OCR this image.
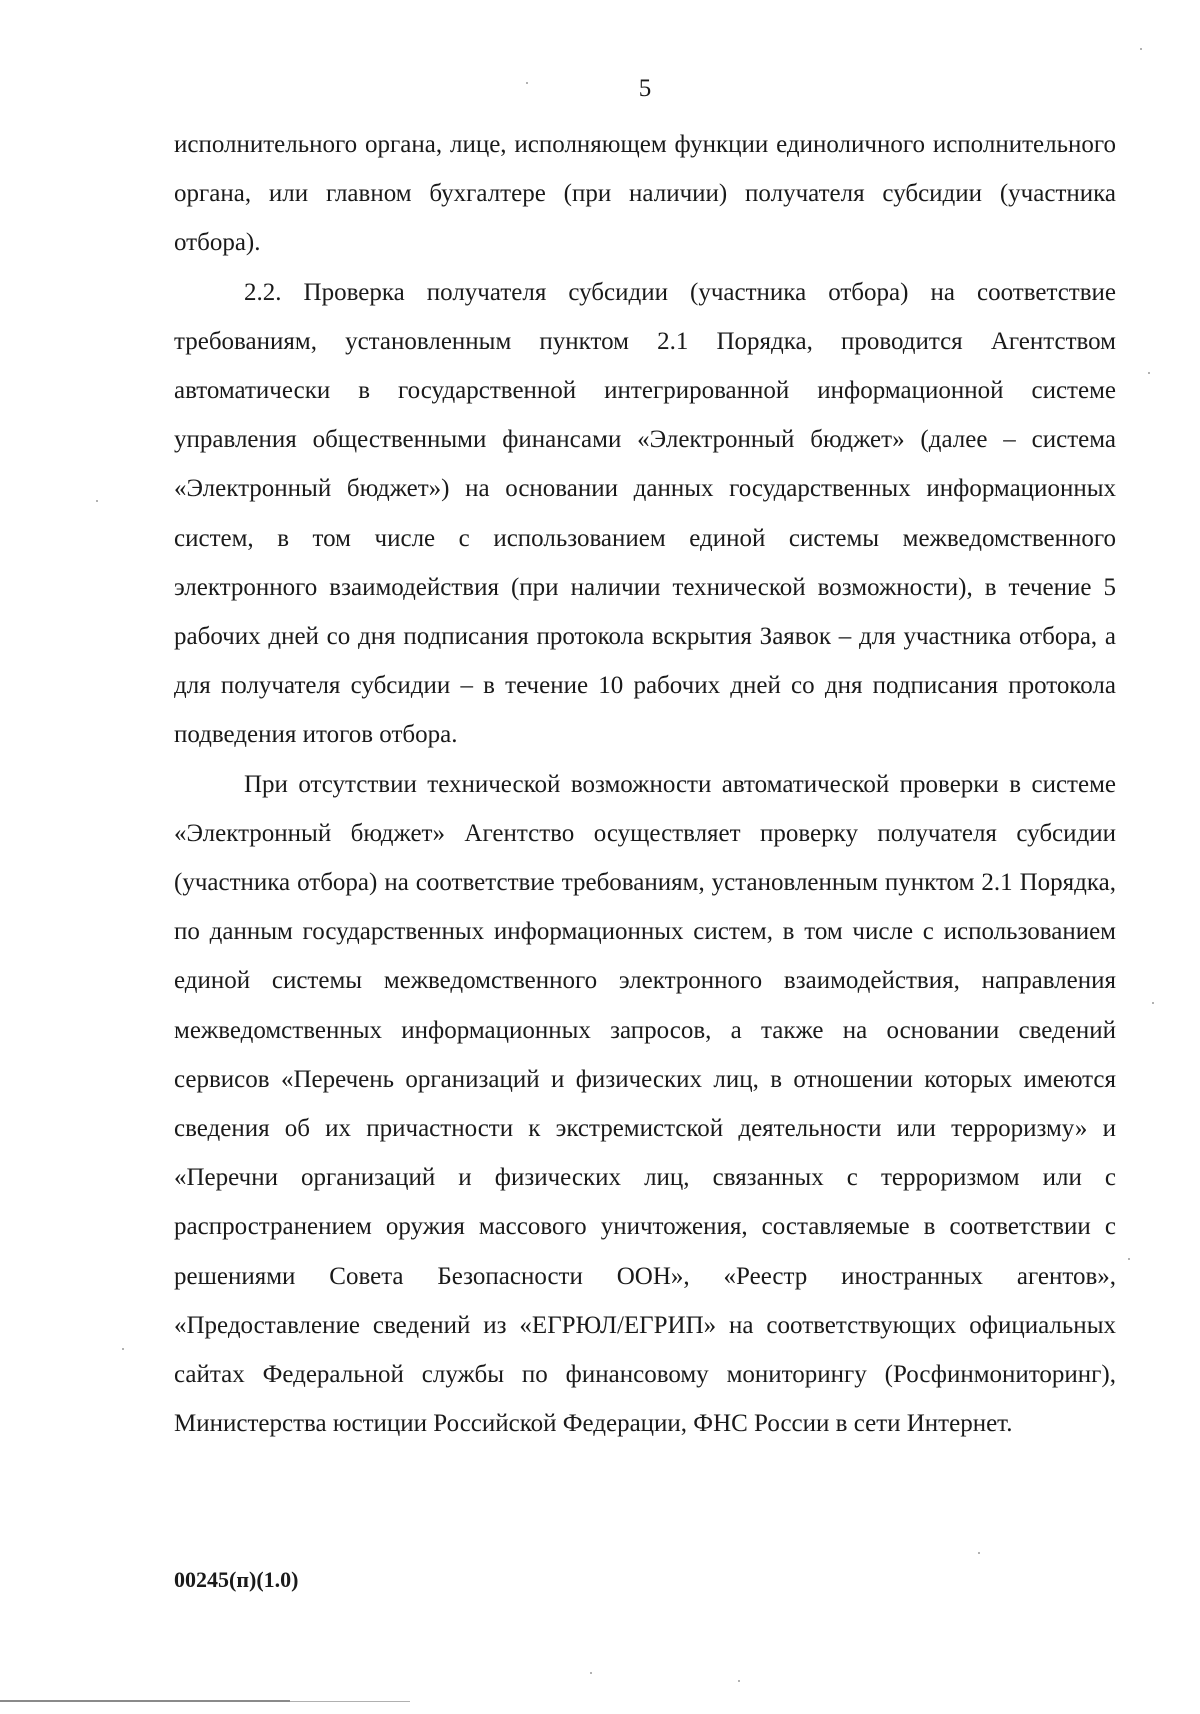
5

исполнительного органа, лице, исполняющем функции единоличного исполнительного органа, или главном бухгалтере (при наличии) получателя субсидии (участника отбора).

2.2. Проверка получателя субсидии (участника отбора) на соответствие требованиям, установленным пунктом 2.1 Порядка, проводится Агентством автоматически в государственной интегрированной информационной системе управления общественными финансами «Электронный бюджет» (далее – система «Электронный бюджет») на основании данных государственных информационных систем, в том числе с использованием единой системы межведомственного электронного взаимодействия (при наличии технической возможности), в течение 5 рабочих дней со дня подписания протокола вскрытия Заявок – для участника отбора, а для получателя субсидии – в течение 10 рабочих дней со дня подписания протокола подведения итогов отбора.

При отсутствии технической возможности автоматической проверки в системе «Электронный бюджет» Агентство осуществляет проверку получателя субсидии (участника отбора) на соответствие требованиям, установленным пунктом 2.1 Порядка, по данным государственных информационных систем, в том числе с использованием единой системы межведомственного электронного взаимодействия, направления межведомственных информационных запросов, а также на основании сведений сервисов «Перечень организаций и физических лиц, в отношении которых имеются сведения об их причастности к экстремистской деятельности или терроризму» и «Перечни организаций и физических лиц, связанных с терроризмом или с распространением оружия массового уничтожения, составляемые в соответствии с решениями Совета Безопасности ООН», «Реестр иностранных агентов», «Предоставление сведений из «ЕГРЮЛ/ЕГРИП» на соответствующих официальных сайтах Федеральной службы по финансовому мониторингу (Росфинмониторинг), Министерства юстиции Российской Федерации, ФНС России в сети Интернет.

00245(п)(1.0)
